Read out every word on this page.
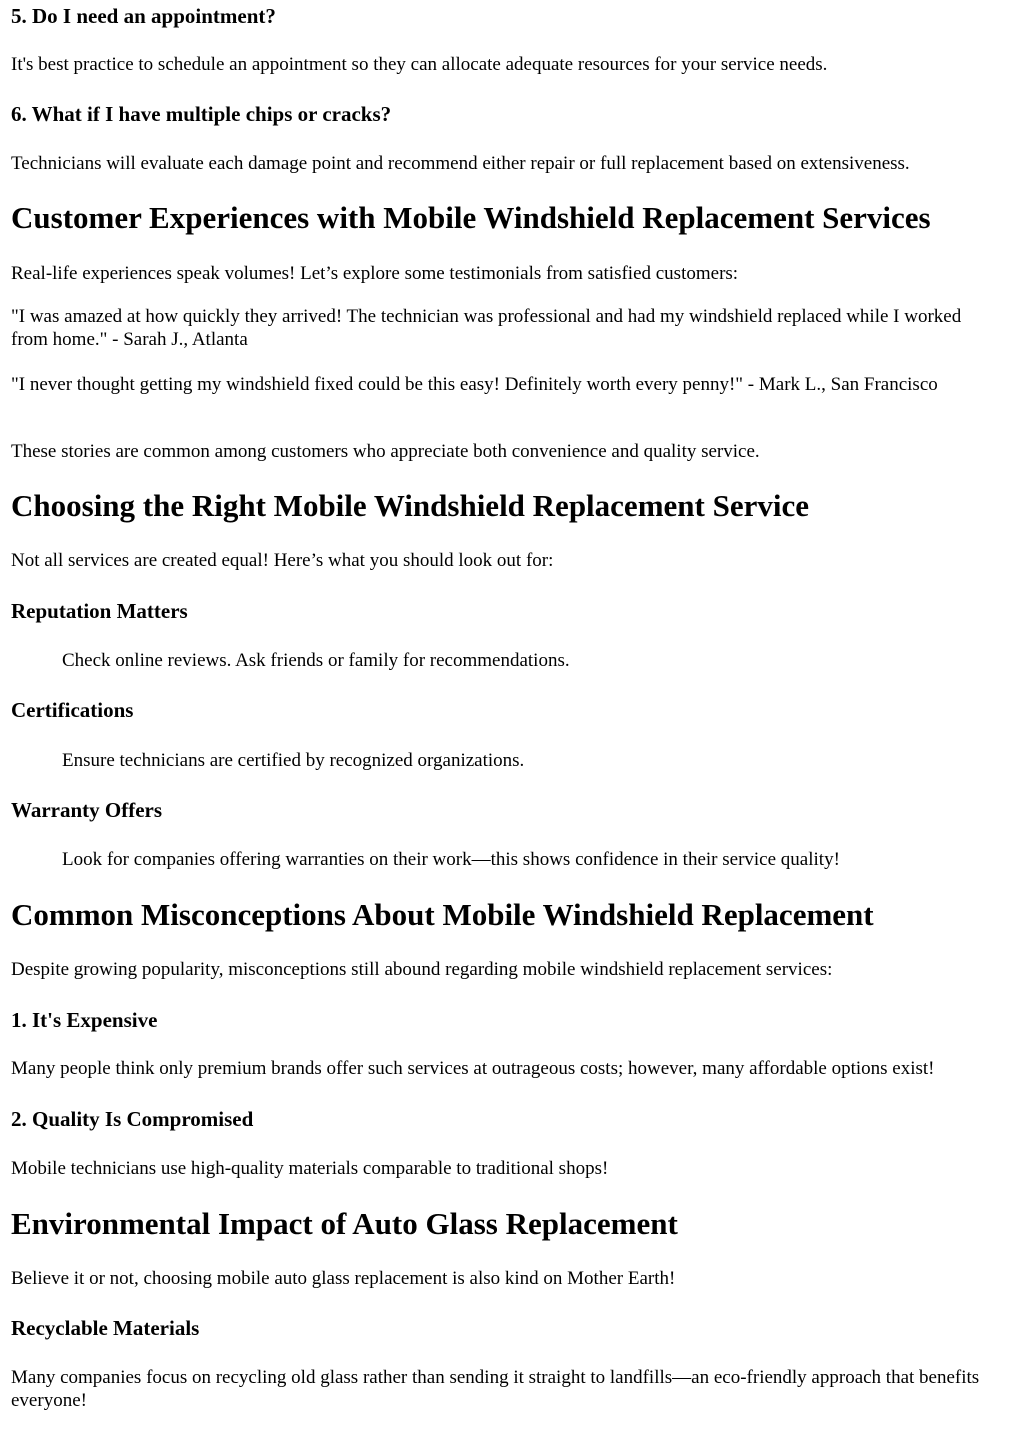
5. Do I need an appointment?

It's best practice to schedule an appointment so they can allocate adequate resources for your service needs.

6. What if I have multiple chips or cracks?

Technicians will evaluate each damage point and recommend either repair or full replacement based on extensiveness.

Customer Experiences with Mobile Windshield Replacement Services

Real-life experiences speak volumes! Let’s explore some testimonials from satisfied customers:

"I was amazed at how quickly they arrived! The technician was professional and had my windshield replaced while I worked from home." - Sarah J., Atlanta

"I never thought getting my windshield fixed could be this easy! Definitely worth every penny!" - Mark L., San Francisco

These stories are common among customers who appreciate both convenience and quality service.

Choosing the Right Mobile Windshield Replacement Service

Not all services are created equal! Here’s what you should look out for:

Reputation Matters
Check online reviews. Ask friends or family for recommendations.
Certifications
Ensure technicians are certified by recognized organizations.
Warranty Offers
Look for companies offering warranties on their work—this shows confidence in their service quality!
Common Misconceptions About Mobile Windshield Replacement

Despite growing popularity, misconceptions still abound regarding mobile windshield replacement services:

1. It's Expensive

Many people think only premium brands offer such services at outrageous costs; however, many affordable options exist!

2. Quality Is Compromised

Mobile technicians use high-quality materials comparable to traditional shops!

Environmental Impact of Auto Glass Replacement

Believe it or not, choosing mobile auto glass replacement is also kind on Mother Earth!

Recyclable Materials

Many companies focus on recycling old glass rather than sending it straight to landfills—an eco-friendly approach that benefits everyone!
